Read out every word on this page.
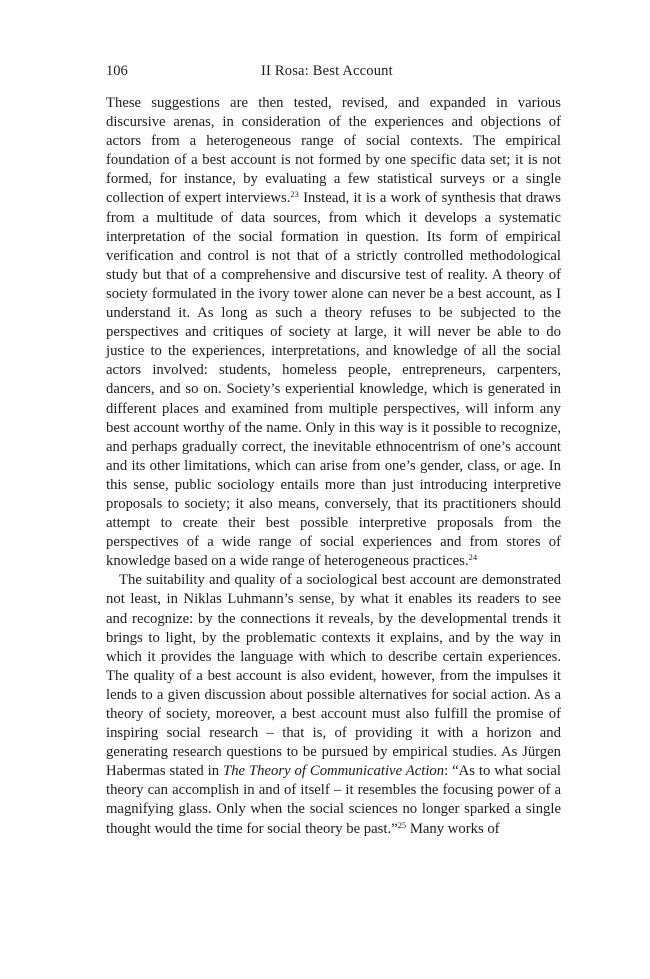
106	II Rosa: Best Account

These suggestions are then tested, revised, and expanded in various discursive arenas, in consideration of the experiences and objections of actors from a heterogeneous range of social contexts. The empirical foundation of a best account is not formed by one specific data set; it is not formed, for instance, by evaluating a few statistical surveys or a single collection of expert interviews.$^{23}$ Instead, it is a work of synthesis that draws from a multitude of data sources, from which it develops a systematic interpretation of the social formation in question. Its form of empirical verification and control is not that of a strictly controlled methodological study but that of a comprehensive and discursive test of reality. A theory of society formulated in the ivory tower alone can never be a best account, as I understand it. As long as such a theory refuses to be subjected to the perspectives and critiques of society at large, it will never be able to do justice to the experiences, interpretations, and knowledge of all the social actors involved: students, homeless people, entrepreneurs, carpenters, dancers, and so on. Society’s experiential knowledge, which is generated in different places and examined from multiple perspectives, will inform any best account worthy of the name. Only in this way is it possible to recognize, and perhaps gradually correct, the inevitable ethnocentrism of one’s account and its other limitations, which can arise from one’s gender, class, or age. In this sense, public sociology entails more than just introducing interpretive proposals to society; it also means, conversely, that its practitioners should attempt to create their best possible interpretive proposals from the perspectives of a wide range of social experiences and from stores of knowledge based on a wide range of heterogeneous practices.$^{24}$

The suitability and quality of a sociological best account are demonstrated not least, in Niklas Luhmann’s sense, by what it enables its readers to see and recognize: by the connections it reveals, by the developmental trends it brings to light, by the problematic contexts it explains, and by the way in which it provides the language with which to describe certain experiences. The quality of a best account is also evident, however, from the impulses it lends to a given discussion about possible alternatives for social action. As a theory of society, moreover, a best account must also fulfill the promise of inspiring social research – that is, of providing it with a horizon and generating research questions to be pursued by empirical studies. As Jürgen Habermas stated in The Theory of Communicative Action: “As to what social theory can accomplish in and of itself – it resembles the focusing power of a magnifying glass. Only when the social sciences no longer sparked a single thought would the time for social theory be past.”$^{25}$ Many works of
